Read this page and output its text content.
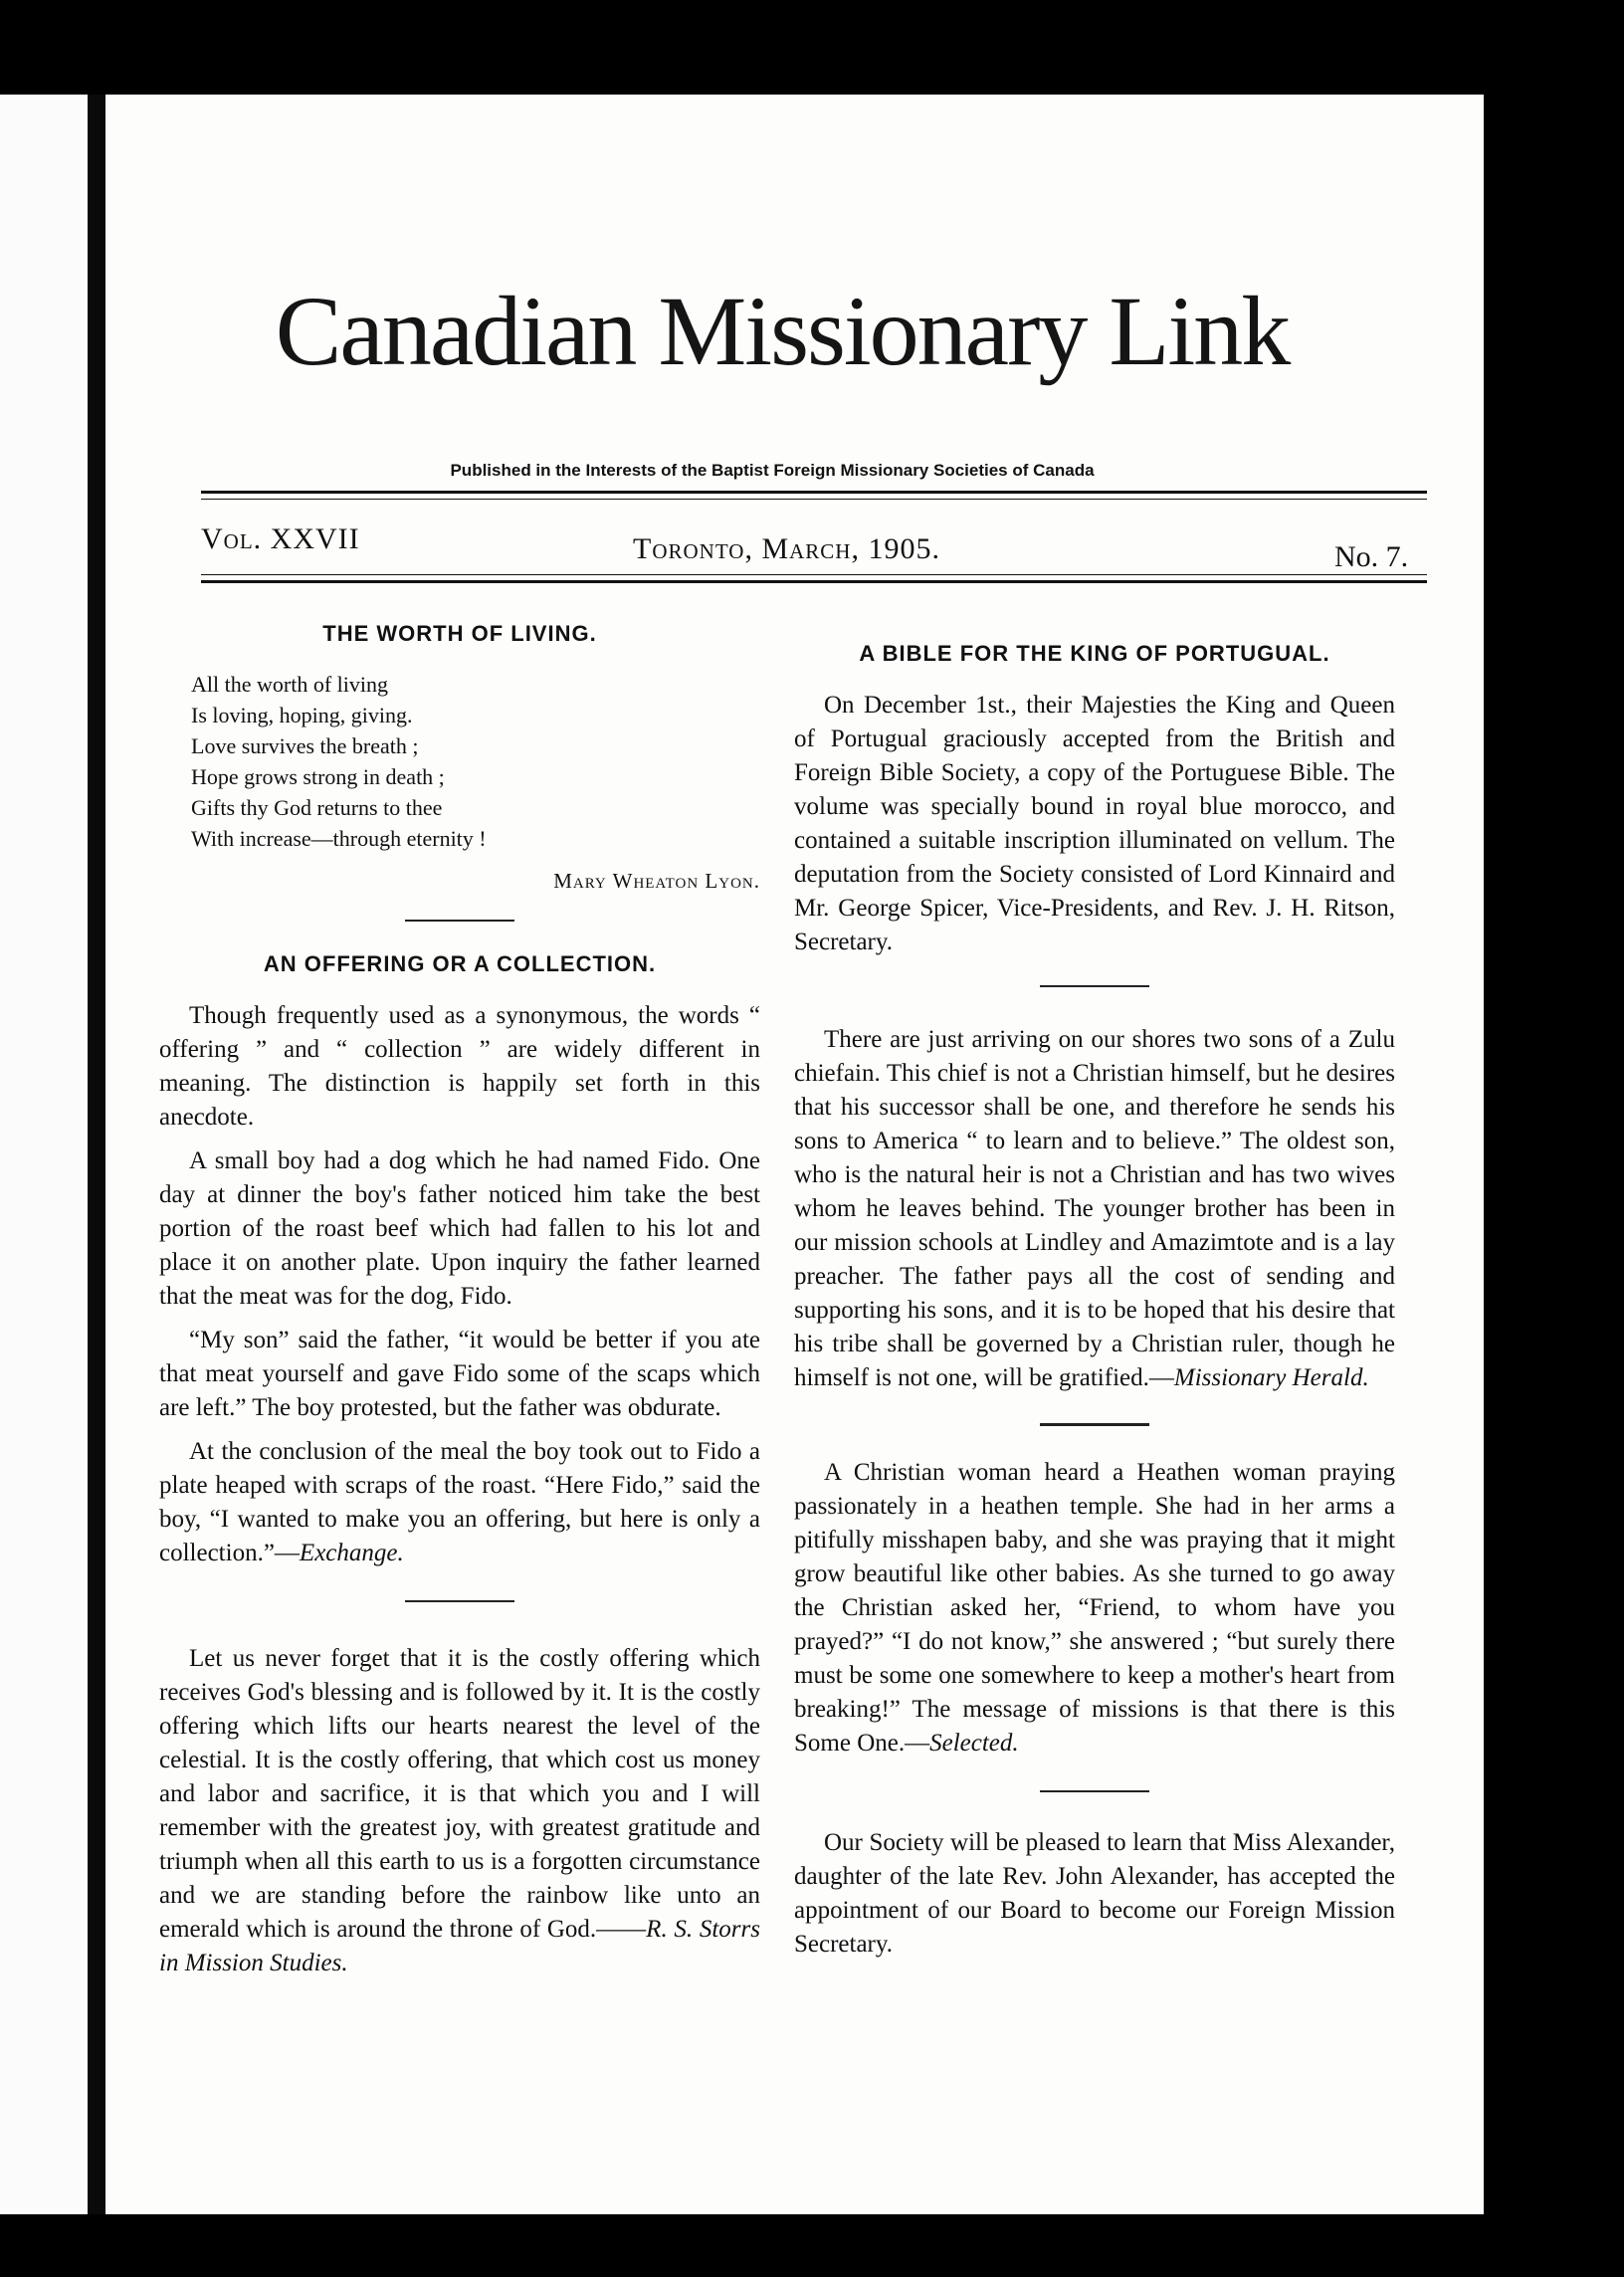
Canadian Missionary Link
Published in the Interests of the Baptist Foreign Missionary Societies of Canada
Vol. XXVII	Toronto, March, 1905.	No. 7.
THE WORTH OF LIVING.
All the worth of living
Is loving, hoping, giving.
Love survives the breath ;
Hope grows strong in death ;
Gifts thy God returns to thee
With increase—through eternity !
Mary Wheaton Lyon.
AN OFFERING OR A COLLECTION.

Though frequently used as a synonymous, the words “ offering ” and “ collection ” are widely different in meaning. The distinction is happily set forth in this anecdote.

A small boy had a dog which he had named Fido. One day at dinner the boy's father noticed him take the best portion of the roast beef which had fallen to his lot and place it on another plate. Upon inquiry the father learned that the meat was for the dog, Fido.

“My son” said the father, “it would be better if you ate that meat yourself and gave Fido some of the scaps which are left.” The boy protested, but the father was obdurate.

At the conclusion of the meal the boy took out to Fido a plate heaped with scraps of the roast. “Here Fido,” said the boy, “I wanted to make you an offering, but here is only a collection.”—Exchange.

Let us never forget that it is the costly offering which receives God's blessing and is followed by it. It is the costly offering which lifts our hearts nearest the level of the celestial. It is the costly offering, that which cost us money and labor and sacrifice, it is that which you and I will remember with the greatest joy, with greatest gratitude and triumph when all this earth to us is a forgotten circumstance and we are standing before the rainbow like unto an emerald which is around the throne of God.——R. S. Storrs in Mission Studies.

A BIBLE FOR THE KING OF PORTUGUAL.

On December 1st., their Majesties the King and Queen of Portugual graciously accepted from the British and Foreign Bible Society, a copy of the Portuguese Bible. The volume was specially bound in royal blue morocco, and contained a suitable inscription illuminated on vellum. The deputation from the Society consisted of Lord Kinnaird and Mr. George Spicer, Vice-Presidents, and Rev. J. H. Ritson, Secretary.

There are just arriving on our shores two sons of a Zulu chiefain. This chief is not a Christian himself, but he desires that his successor shall be one, and therefore he sends his sons to America “ to learn and to believe.” The oldest son, who is the natural heir is not a Christian and has two wives whom he leaves behind. The younger brother has been in our mission schools at Lindley and Amazimtote and is a lay preacher. The father pays all the cost of sending and supporting his sons, and it is to be hoped that his desire that his tribe shall be governed by a Christian ruler, though he himself is not one, will be gratified.—Missionary Herald.

A Christian woman heard a Heathen woman praying passionately in a heathen temple. She had in her arms a pitifully misshapen baby, and she was praying that it might grow beautiful like other babies. As she turned to go away the Christian asked her, “Friend, to whom have you prayed?” “I do not know,” she answered ; “but surely there must be some one somewhere to keep a mother's heart from breaking!” The message of missions is that there is this Some One.—Selected.

Our Society will be pleased to learn that Miss Alexander, daughter of the late Rev. John Alexander, has accepted the appointment of our Board to become our Foreign Mission Secretary.
